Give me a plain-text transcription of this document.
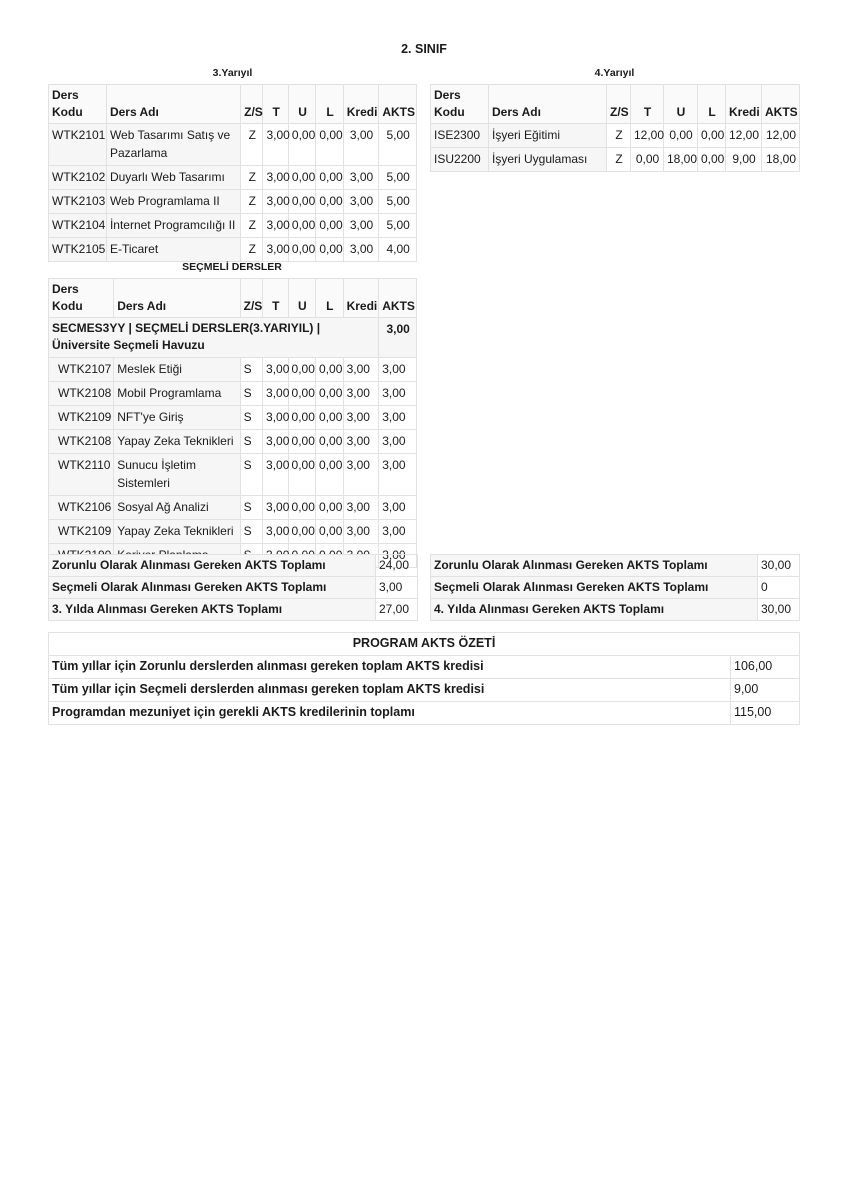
2. SINIF
3.Yarıyıl	4.Yarıyıl
Ders Kodu	Ders Adı	Z/S	T	U	L	Kredi	AKTS
WTK2101	Web Tasarımı Satış ve Pazarlama	Z	3,00	0,00	0,00	3,00	5,00
WTK2102	Duyarlı Web Tasarımı	Z	3,00	0,00	0,00	3,00	5,00
WTK2103	Web Programlama II	Z	3,00	0,00	0,00	3,00	5,00
WTK2104	İnternet Programcılığı II	Z	3,00	0,00	0,00	3,00	5,00
WTK2105	E-Ticaret	Z	3,00	0,00	0,00	3,00	4,00
Ders Kodu	Ders Adı	Z/S	T	U	L	Kredi	AKTS
ISE2300	İşyeri Eğitimi	Z	12,00	0,00	0,00	12,00	12,00
ISU2200	İşyeri Uygulaması	Z	0,00	18,00	0,00	9,00	18,00
SEÇMELİ DERSLER
Ders Kodu	Ders Adı	Z/S	T	U	L	Kredi	AKTS
SECMES3YY | SEÇMELİ DERSLER(3.YARIYIL) | Üniversite Seçmeli Havuzu							3,00
WTK2107	Meslek Etiği	S	3,00	0,00	0,00	3,00	3,00
WTK2108	Mobil Programlama	S	3,00	0,00	0,00	3,00	3,00
WTK2109	NFT'ye Giriş	S	3,00	0,00	0,00	3,00	3,00
WTK2108	Yapay Zeka Teknikleri	S	3,00	0,00	0,00	3,00	3,00
WTK2110	Sunucu İşletim Sistemleri	S	3,00	0,00	0,00	3,00	3,00
WTK2106	Sosyal Ağ Analizi	S	3,00	0,00	0,00	3,00	3,00
WTK2109	Yapay Zeka Teknikleri	S	3,00	0,00	0,00	3,00	3,00
							3,00
Zorunlu Olarak Alınması Gereken AKTS Toplamı	24,00
Seçmeli Olarak Alınması Gereken AKTS Toplamı	3,00
3. Yılda Alınması Gereken AKTS Toplamı	27,00
Zorunlu Olarak Alınması Gereken AKTS Toplamı	30,00
Seçmeli Olarak Alınması Gereken AKTS Toplamı	0
4. Yılda Alınması Gereken AKTS Toplamı	30,00
PROGRAM AKTS ÖZETİ	
Tüm yıllar için Zorunlu derslerden alınması gereken toplam AKTS kredisi	106,00
Tüm yıllar için Seçmeli derslerden alınması gereken toplam AKTS kredisi	9,00
Programdan mezuniyet için gerekli AKTS kredilerinin toplamı	115,00
